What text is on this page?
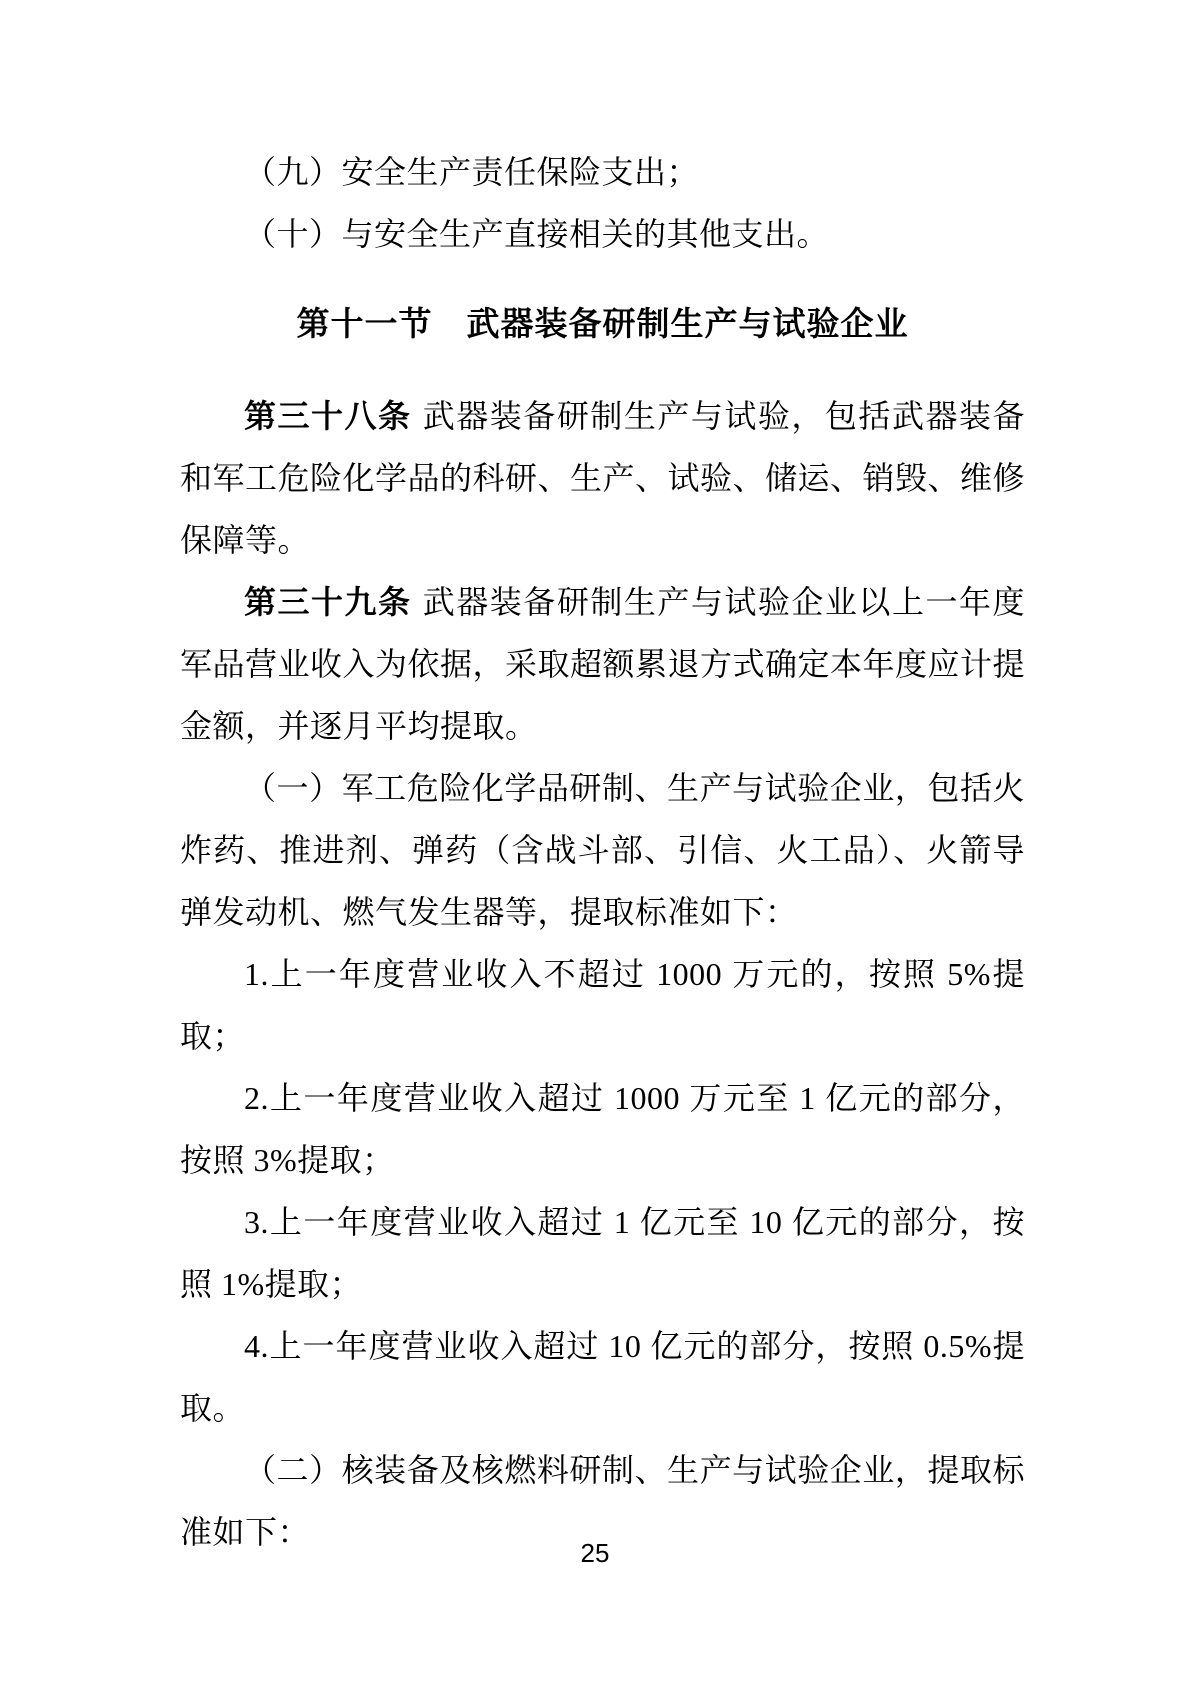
（九）安全生产责任保险支出；

（十）与安全生产直接相关的其他支出。

第十一节　武器装备研制生产与试验企业

第三十八条 武器装备研制生产与试验，包括武器装备和军工危险化学品的科研、生产、试验、储运、销毁、维修保障等。

第三十九条 武器装备研制生产与试验企业以上一年度军品营业收入为依据，采取超额累退方式确定本年度应计提金额，并逐月平均提取。

（一）军工危险化学品研制、生产与试验企业，包括火炸药、推进剂、弹药（含战斗部、引信、火工品）、火箭导弹发动机、燃气发生器等，提取标准如下：

1.上一年度营业收入不超过 1000 万元的，按照 5%提取；

2.上一年度营业收入超过 1000 万元至 1 亿元的部分，按照 3%提取；

3.上一年度营业收入超过 1 亿元至 10 亿元的部分，按照 1%提取；

4.上一年度营业收入超过 10 亿元的部分，按照 0.5%提取。

（二）核装备及核燃料研制、生产与试验企业，提取标准如下：

25
